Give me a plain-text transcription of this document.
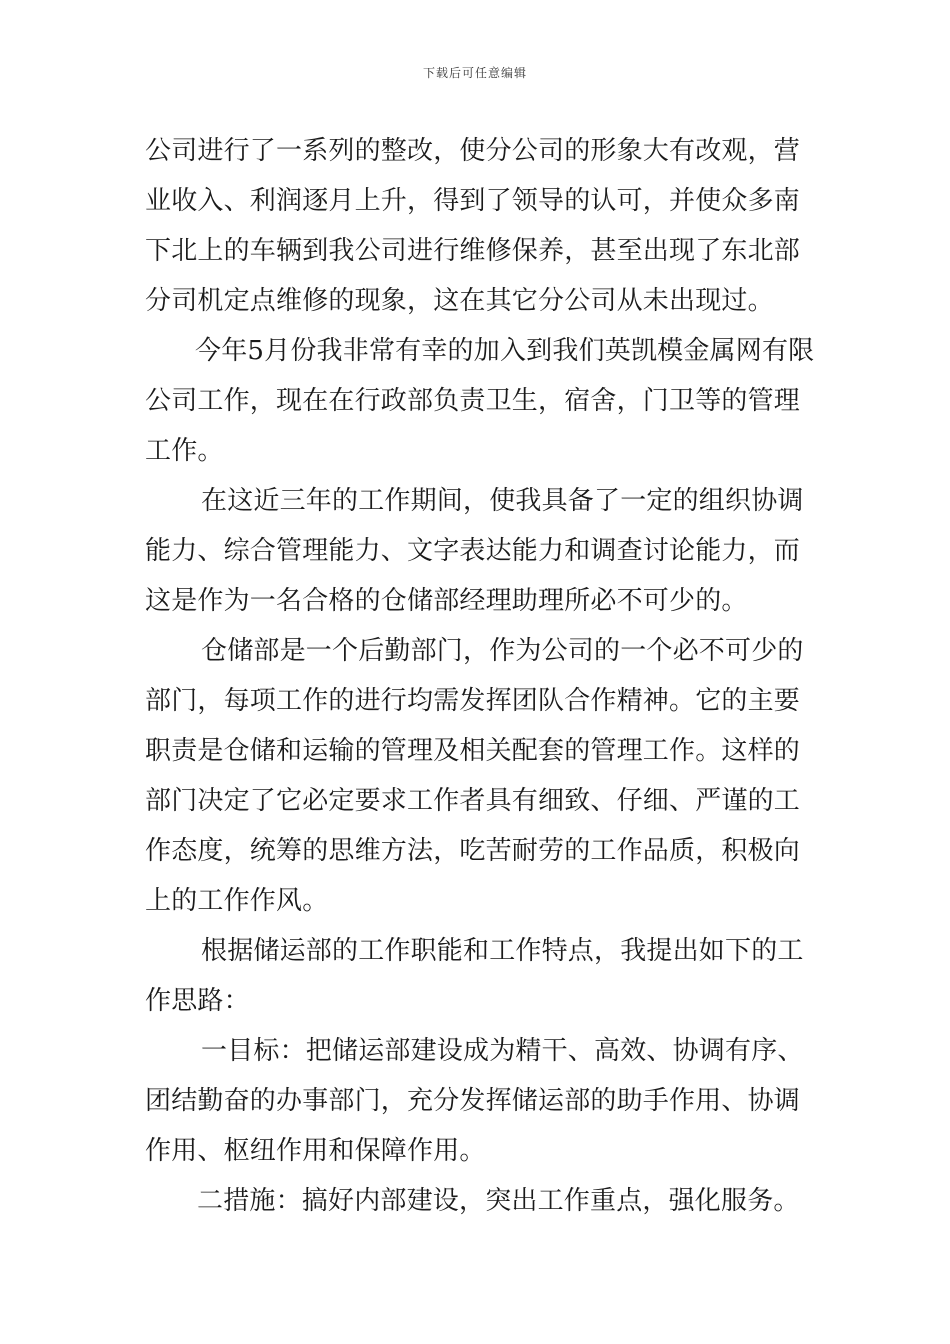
下载后可任意编辑
公司进行了一系列的整改，使分公司的形象大有改观，营
业收入、利润逐月上升，得到了领导的认可，并使众多南
下北上的车辆到我公司进行维修保养，甚至出现了东北部
分司机定点维修的现象，这在其它分公司从未出现过。
今年5月份我非常有幸的加入到我们英凯模金属网有限
公司工作，现在在行政部负责卫生，宿舍，门卫等的管理
工作。
在这近三年的工作期间，使我具备了一定的组织协调
能力、综合管理能力、文字表达能力和调查讨论能力，而
这是作为一名合格的仓储部经理助理所必不可少的。
仓储部是一个后勤部门，作为公司的一个必不可少的
部门，每项工作的进行均需发挥团队合作精神。它的主要
职责是仓储和运输的管理及相关配套的管理工作。这样的
部门决定了它必定要求工作者具有细致、仔细、严谨的工
作态度，统筹的思维方法，吃苦耐劳的工作品质，积极向
上的工作作风。
根据储运部的工作职能和工作特点，我提出如下的工
作思路：
一目标：把储运部建设成为精干、高效、协调有序、
团结勤奋的办事部门，充分发挥储运部的助手作用、协调
作用、枢纽作用和保障作用。
二措施：搞好内部建设，突出工作重点，强化服务。
